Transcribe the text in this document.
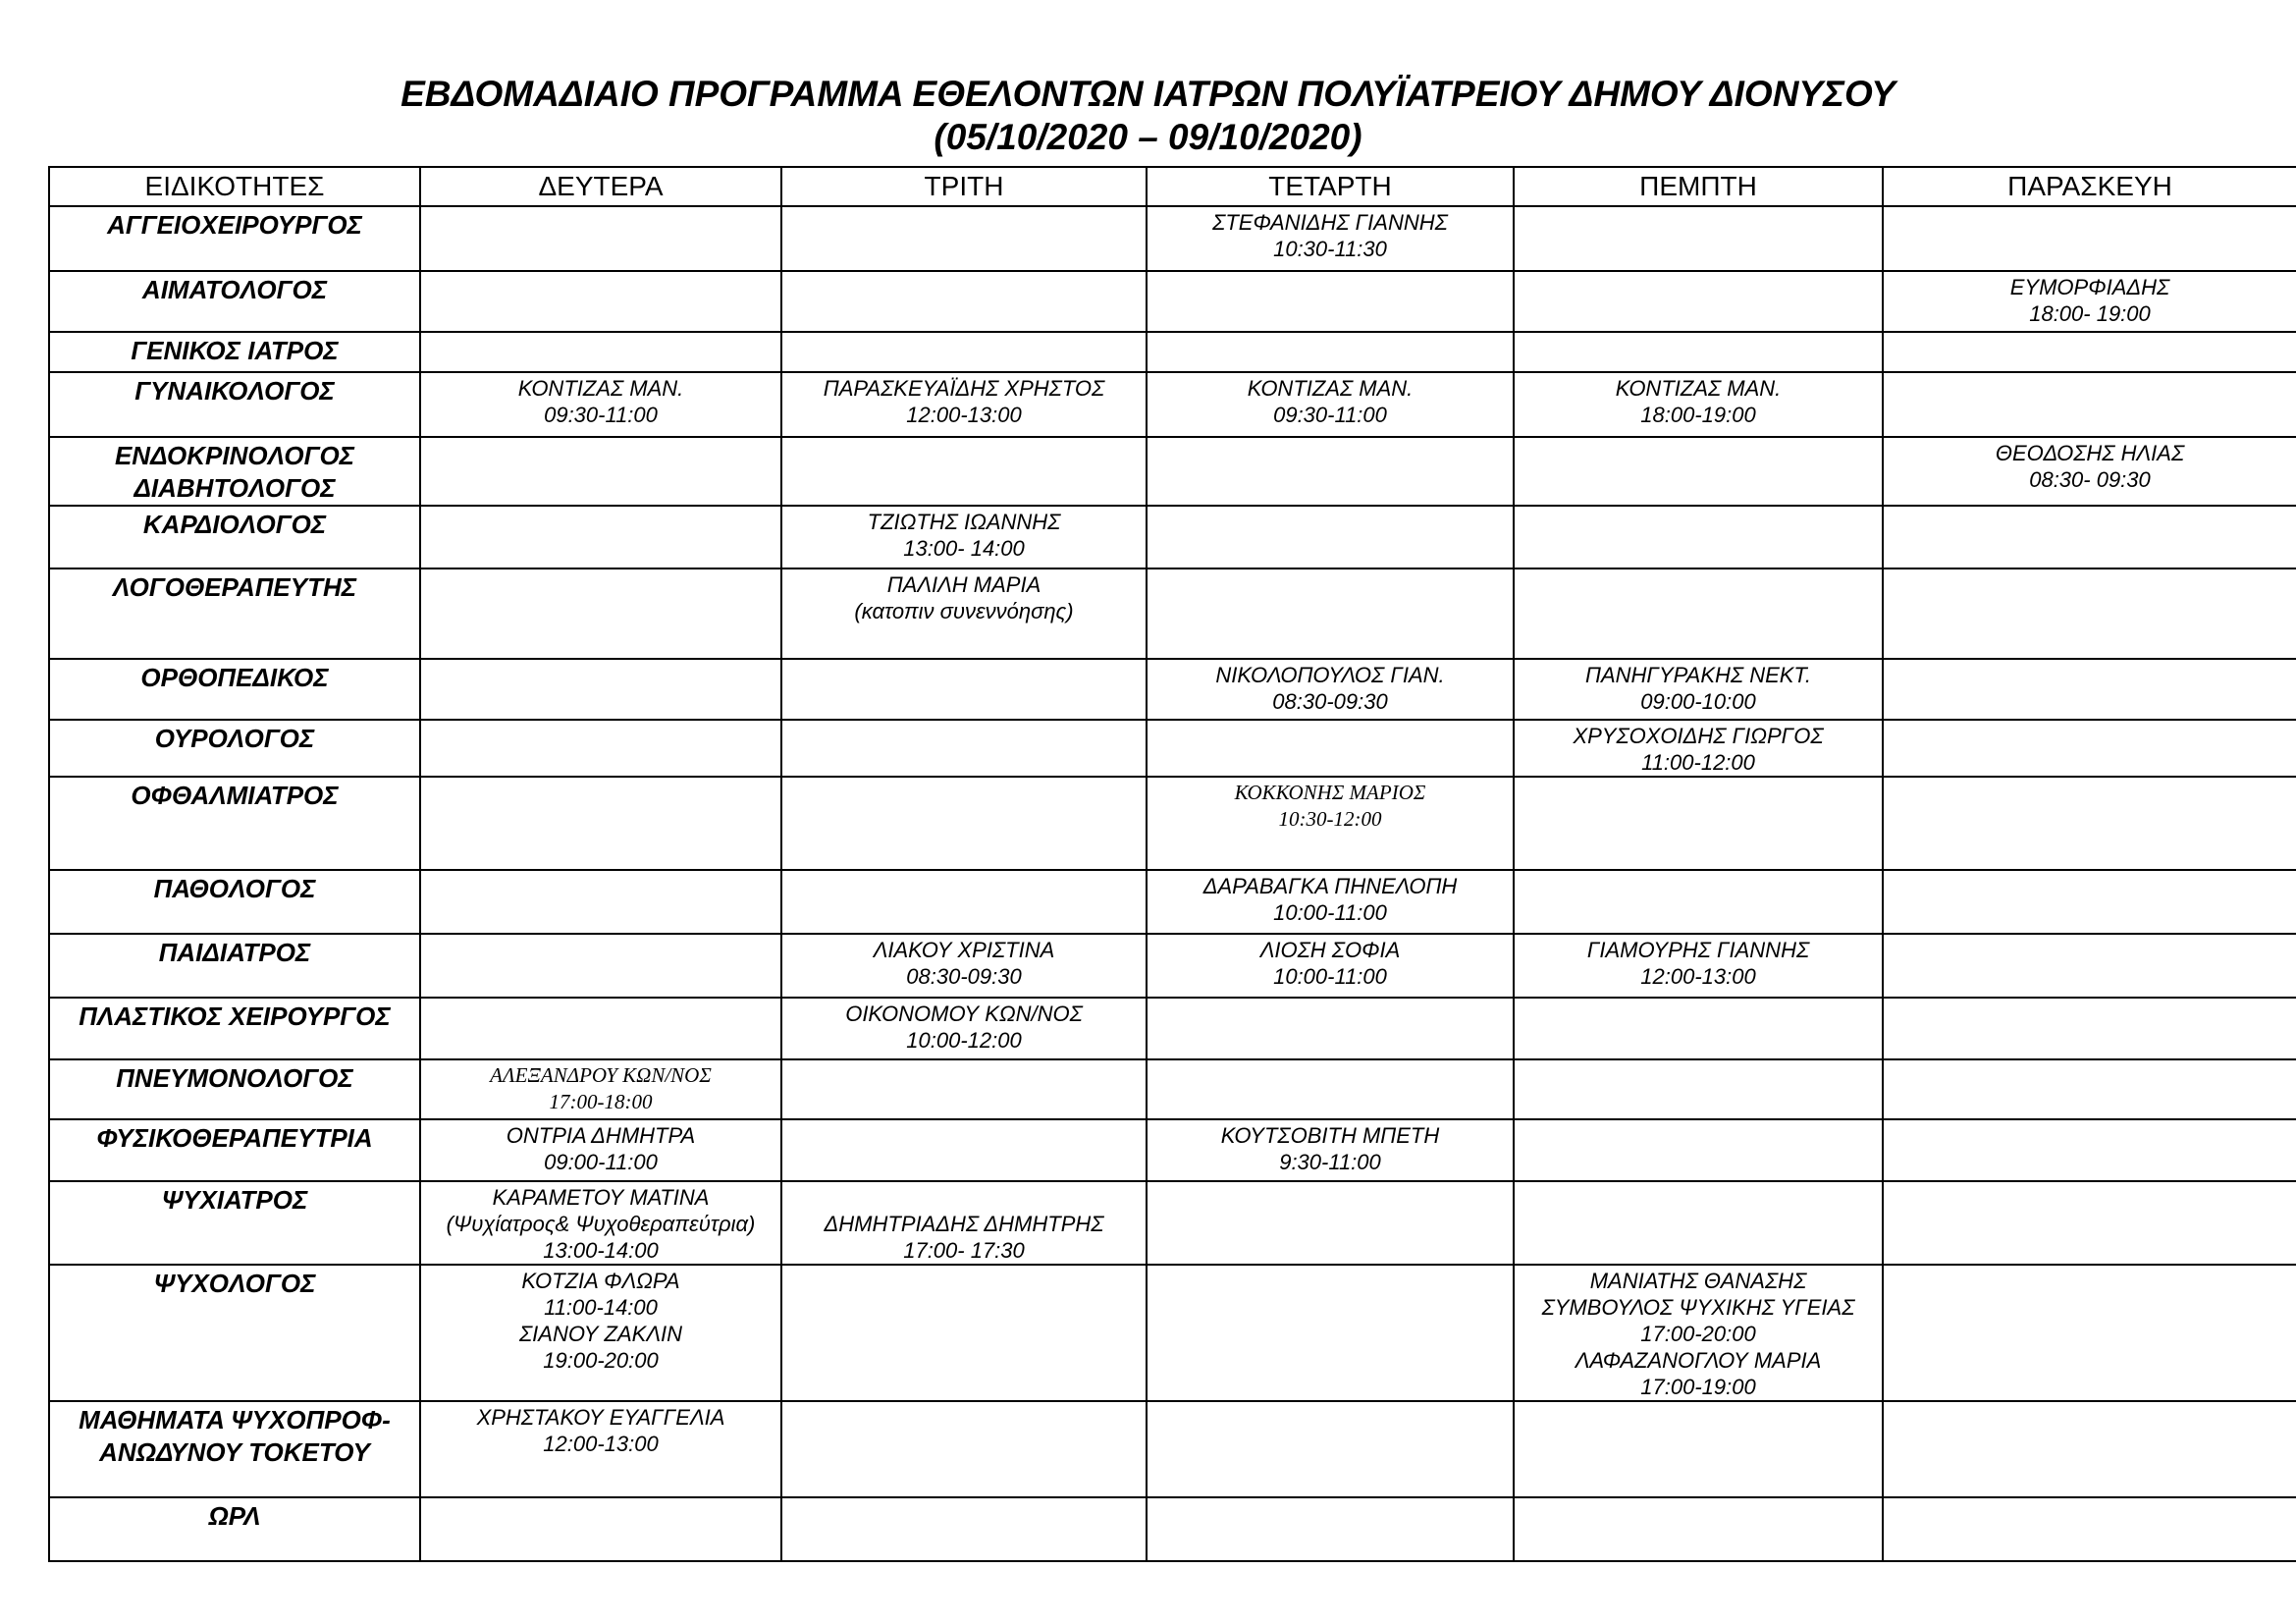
ΕΒΔΟΜΑΔΙΑΙΟ ΠΡΟΓΡΑΜΜΑ ΕΘΕΛΟΝΤΩΝ ΙΑΤΡΩΝ ΠΟΛΥΪΑΤΡΕΙΟΥ ΔΗΜΟΥ ΔΙΟΝΥΣΟΥ
(05/10/2020 – 09/10/2020)
ΕΙΔΙΚΟΤΗΤΕΣ	ΔΕΥΤΕΡΑ	ΤΡΙΤΗ	ΤΕΤΑΡΤΗ	ΠΕΜΠΤΗ	ΠΑΡΑΣΚΕΥΗ

ΑΓΓΕΙΟΧΕΙΡΟΥΡΓΟΣ			ΣΤΕΦΑΝΙΔΗΣ ΓΙΑΝΝΗΣ
10:30-11:30		

ΑΙΜΑΤΟΛΟΓΟΣ					ΕΥΜΟΡΦΙΑΔΗΣ
18:00- 19:00

ΓΕΝΙΚΟΣ ΙΑΤΡΟΣ					

ΓΥΝΑΙΚΟΛΟΓΟΣ	ΚΟΝΤΙΖΑΣ ΜΑΝ.
09:30-11:00	ΠΑΡΑΣΚΕΥΑΪΔΗΣ ΧΡΗΣΤΟΣ
12:00-13:00	ΚΟΝΤΙΖΑΣ ΜΑΝ.
09:30-11:00	ΚΟΝΤΙΖΑΣ ΜΑΝ.
18:00-19:00	

ΕΝΔΟΚΡΙΝΟΛΟΓΟΣ
ΔΙΑΒΗΤΟΛΟΓΟΣ					ΘΕΟΔΟΣΗΣ ΗΛΙΑΣ
08:30- 09:30

ΚΑΡΔΙΟΛΟΓΟΣ		ΤΖΙΩΤΗΣ ΙΩΑΝΝΗΣ
13:00- 14:00			

ΛΟΓΟΘΕΡΑΠΕΥΤΗΣ		ΠΑΛΙΛΗ ΜΑΡΙΑ
(κατοπιν συνεννόησης)			

ΟΡΘΟΠΕΔΙΚΟΣ			ΝΙΚΟΛΟΠΟΥΛΟΣ ΓΙΑΝ.
08:30-09:30	ΠΑΝΗΓΥΡΑΚΗΣ ΝΕΚΤ.
09:00-10:00	

ΟΥΡΟΛΟΓΟΣ				ΧΡΥΣΟΧΟΙΔΗΣ ΓΙΩΡΓΟΣ
11:00-12:00	

ΟΦΘΑΛΜΙΑΤΡΟΣ			ΚΟΚΚΟΝΗΣ ΜΑΡΙΟΣ
10:30-12:00		

ΠΑΘΟΛΟΓΟΣ			ΔΑΡΑΒΑΓΚΑ ΠΗΝΕΛΟΠΗ
10:00-11:00		

ΠΑΙΔΙΑΤΡΟΣ		ΛΙΑΚΟΥ ΧΡΙΣΤΙΝΑ
08:30-09:30	ΛΙΟΣΗ ΣΟΦΙΑ
10:00-11:00	ΓΙΑΜΟΥΡΗΣ ΓΙΑΝΝΗΣ
12:00-13:00	

ΠΛΑΣΤΙΚΟΣ ΧΕΙΡΟΥΡΓΟΣ		ΟΙΚΟΝΟΜΟΥ ΚΩΝ/ΝΟΣ
10:00-12:00			

ΠΝΕΥΜΟΝΟΛΟΓΟΣ	ΑΛΕΞΑΝΔΡΟΥ ΚΩΝ/ΝΟΣ
17:00-18:00				

ΦΥΣΙΚΟΘΕΡΑΠΕΥΤΡΙΑ	ΟΝΤΡΙΑ ΔΗΜΗΤΡΑ
09:00-11:00		ΚΟΥΤΣΟΒΙΤΗ ΜΠΕΤΗ
9:30-11:00		

ΨΥΧΙΑΤΡΟΣ	ΚΑΡΑΜΕΤΟΥ ΜΑΤΙΝΑ
(Ψυχίατρος& Ψυχοθεραπεύτρια)
13:00-14:00	ΔΗΜΗΤΡΙΑΔΗΣ ΔΗΜΗΤΡΗΣ
17:00- 17:30			

ΨΥΧΟΛΟΓΟΣ	ΚΟΤΖΙΑ ΦΛΩΡΑ
11:00-14:00
ΣΙΑΝΟΥ ΖΑΚΛΙΝ
19:00-20:00			ΜΑΝΙΑΤΗΣ ΘΑΝΑΣΗΣ
ΣΥΜΒΟΥΛΟΣ ΨΥΧΙΚΗΣ ΥΓΕΙΑΣ
17:00-20:00
ΛΑΦΑΖΑΝΟΓΛΟΥ ΜΑΡΙΑ
17:00-19:00	

ΜΑΘΗΜΑΤΑ ΨΥΧΟΠΡΟΦ-
ΑΝΩΔΥΝΟΥ ΤΟΚΕΤΟΥ	ΧΡΗΣΤΑΚΟΥ ΕΥΑΓΓΕΛΙΑ
12:00-13:00				

ΩΡΛ					
